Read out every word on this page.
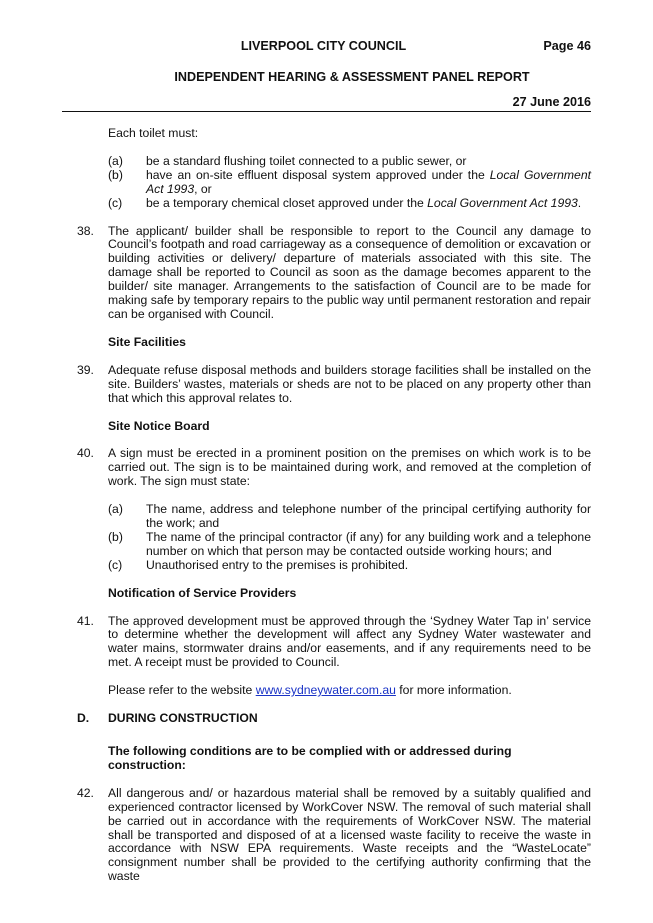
LIVERPOOL CITY COUNCIL	Page 46
INDEPENDENT HEARING & ASSESSMENT PANEL REPORT
27 June 2016

Each toilet must:

(a)	be a standard flushing toilet connected to a public sewer, or
(b)	have an on-site effluent disposal system approved under the Local Government Act 1993, or
(c)	be a temporary chemical closet approved under the Local Government Act 1993.
38.	The applicant/ builder shall be responsible to report to the Council any damage to Council’s footpath and road carriageway as a consequence of demolition or excavation or building activities or delivery/ departure of materials associated with this site. The damage shall be reported to Council as soon as the damage becomes apparent to the builder/ site manager. Arrangements to the satisfaction of Council are to be made for making safe by temporary repairs to the public way until permanent restoration and repair can be organised with Council.

Site Facilities

39.	Adequate refuse disposal methods and builders storage facilities shall be installed on the site. Builders’ wastes, materials or sheds are not to be placed on any property other than that which this approval relates to.

Site Notice Board

40.	A sign must be erected in a prominent position on the premises on which work is to be carried out. The sign is to be maintained during work, and removed at the completion of work. The sign must state:
(a)	The name, address and telephone number of the principal certifying authority for the work; and
(b)	The name of the principal contractor (if any) for any building work and a telephone number on which that person may be contacted outside working hours; and
(c)	Unauthorised entry to the premises is prohibited.

Notification of Service Providers

41.	The approved development must be approved through the ‘Sydney Water Tap in’ service to determine whether the development will affect any Sydney Water wastewater and water mains, stormwater drains and/or easements, and if any requirements need to be met. A receipt must be provided to Council.

Please refer to the website www.sydneywater.com.au for more information.

D.	DURING CONSTRUCTION

The following conditions are to be complied with or addressed during construction:

42.	All dangerous and/ or hazardous material shall be removed by a suitably qualified and experienced contractor licensed by WorkCover NSW. The removal of such material shall be carried out in accordance with the requirements of WorkCover NSW. The material shall be transported and disposed of at a licensed waste facility to receive the waste in accordance with NSW EPA requirements. Waste receipts and the “WasteLocate” consignment number shall be provided to the certifying authority confirming that the waste
